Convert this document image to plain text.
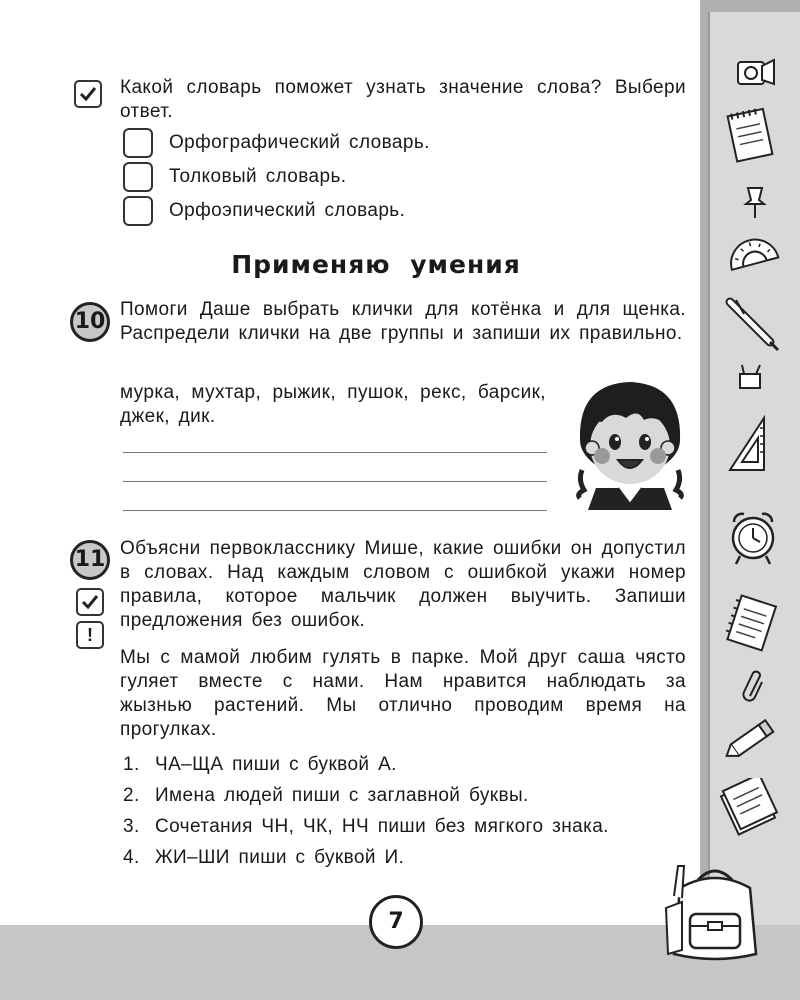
Какой словарь поможет узнать значение слова? Выбери ответ.
Орфографический словарь.
Толковый словарь.
Орфоэпический словарь.
Применяю умения
10 Помоги Даше выбрать клички для котёнка и для щенка. Распредели клички на две группы и запиши их правильно.
мурка, мухтар, рыжик, пушок, рекс, барсик, джек, дик.
11
!
Объясни первокласснику Мише, какие ошибки он допустил в словах. Над каждым словом с ошибкой укажи номер правила, которое мальчик должен выучить. Запиши предложения без ошибок.
Мы с мамой любим гулять в парке. Мой друг саша чясто гуляет вместе с нами. Нам нравится наблюдать за жызнью растений. Мы отлично проводим время на прогулках.
1. ЧА–ЩА пиши с буквой А.
2. Имена людей пиши с заглавной буквы.
3. Сочетания ЧН, ЧК, НЧ пиши без мягкого знака.
4. ЖИ–ШИ пиши с буквой И.
7
